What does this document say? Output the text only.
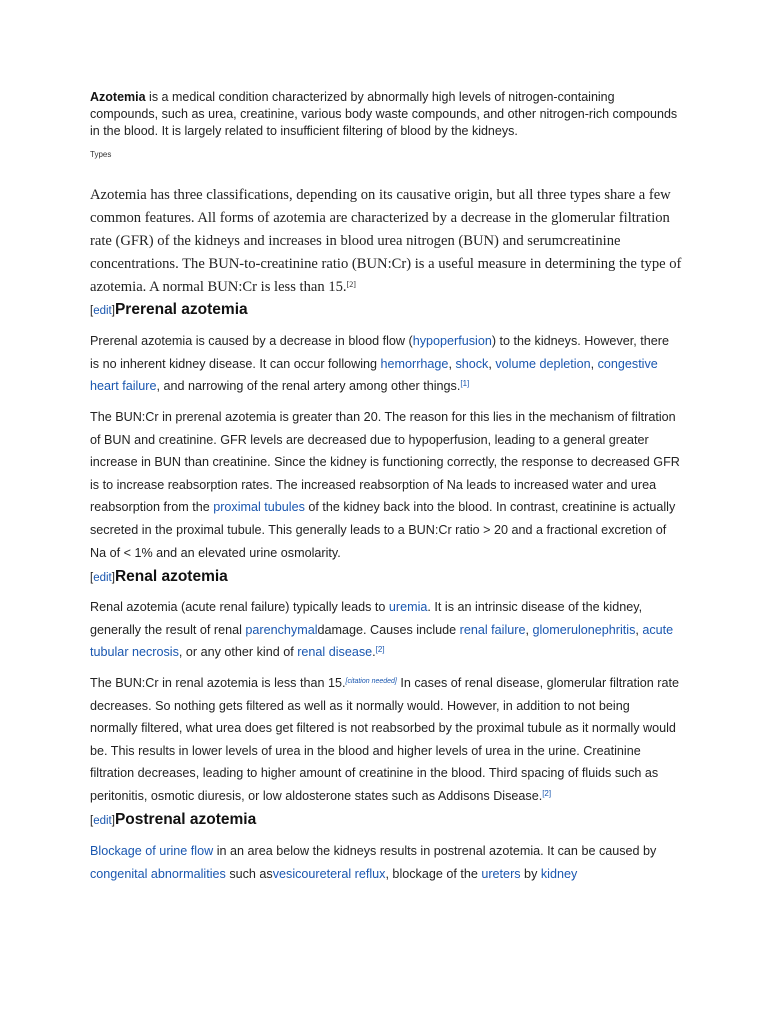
Azotemia is a medical condition characterized by abnormally high levels of nitrogen-containing compounds, such as urea, creatinine, various body waste compounds, and other nitrogen-rich compounds in the blood. It is largely related to insufficient filtering of blood by the kidneys.

Types

Azotemia has three classifications, depending on its causative origin, but all three types share a few common features. All forms of azotemia are characterized by a decrease in the glomerular filtration rate (GFR) of the kidneys and increases in blood urea nitrogen (BUN) and serumcreatinine concentrations. The BUN-to-creatinine ratio (BUN:Cr) is a useful measure in determining the type of azotemia. A normal BUN:Cr is less than 15.[2]

[edit]Prerenal azotemia

Prerenal azotemia is caused by a decrease in blood flow (hypoperfusion) to the kidneys. However, there is no inherent kidney disease. It can occur following hemorrhage, shock, volume depletion, congestive heart failure, and narrowing of the renal artery among other things.[1]

The BUN:Cr in prerenal azotemia is greater than 20. The reason for this lies in the mechanism of filtration of BUN and creatinine. GFR levels are decreased due to hypoperfusion, leading to a general greater increase in BUN than creatinine. Since the kidney is functioning correctly, the response to decreased GFR is to increase reabsorption rates. The increased reabsorption of Na leads to increased water and urea reabsorption from the proximal tubules of the kidney back into the blood. In contrast, creatinine is actually secreted in the proximal tubule. This generally leads to a BUN:Cr ratio > 20 and a fractional excretion of Na of < 1% and an elevated urine osmolarity.

[edit]Renal azotemia

Renal azotemia (acute renal failure) typically leads to uremia. It is an intrinsic disease of the kidney, generally the result of renal parenchymaldamage. Causes include renal failure, glomerulonephritis, acute tubular necrosis, or any other kind of renal disease.[2]

The BUN:Cr in renal azotemia is less than 15.[citation needed] In cases of renal disease, glomerular filtration rate decreases. So nothing gets filtered as well as it normally would. However, in addition to not being normally filtered, what urea does get filtered is not reabsorbed by the proximal tubule as it normally would be. This results in lower levels of urea in the blood and higher levels of urea in the urine. Creatinine filtration decreases, leading to higher amount of creatinine in the blood. Third spacing of fluids such as peritonitis, osmotic diuresis, or low aldosterone states such as Addisons Disease.[2]

[edit]Postrenal azotemia

Blockage of urine flow in an area below the kidneys results in postrenal azotemia. It can be caused by congenital abnormalities such asvesicoureteral reflux, blockage of the ureters by kidney
